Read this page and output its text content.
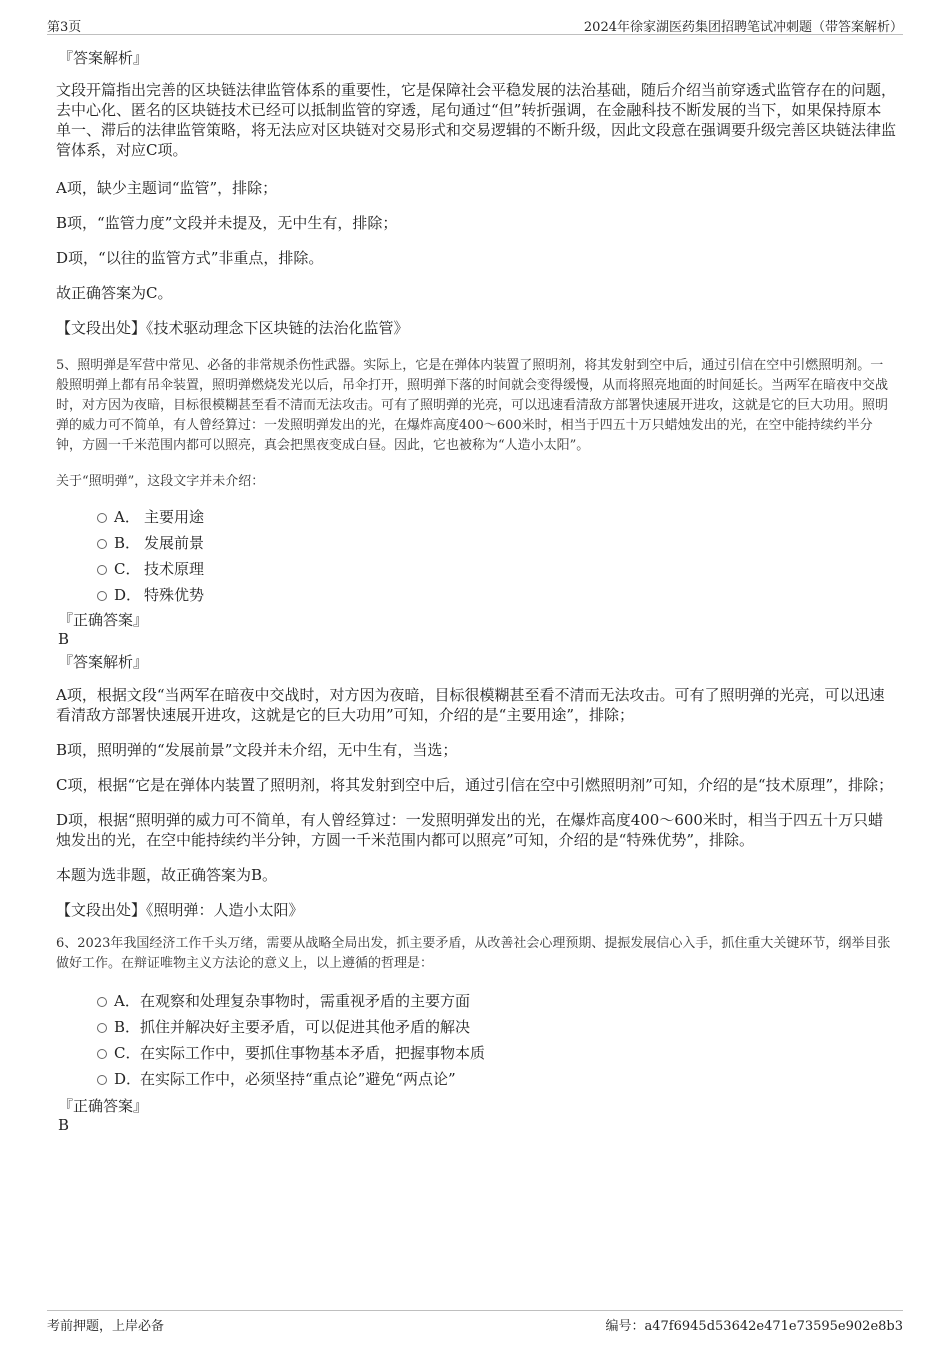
第3页	2024年徐家湖医药集团招聘笔试冲刺题（带答案解析）
『答案解析』

文段开篇指出完善的区块链法律监管体系的重要性，它是保障社会平稳发展的法治基础，随后介绍当前穿透式监管存在的问题，去中心化、匿名的区块链技术已经可以抵制监管的穿透，尾句通过“但”转折强调，在金融科技不断发展的当下，如果保持原本单一、滞后的法律监管策略，将无法应对区块链对交易形式和交易逻辑的不断升级，因此文段意在强调要升级完善区块链法律监管体系，对应C项。

A项，缺少主题词“监管”，排除；

B项，“监管力度”文段并未提及，无中生有，排除；

D项，“以往的监管方式”非重点，排除。

故正确答案为C。

【文段出处】《技术驱动理念下区块链的法治化监管》

5、照明弹是军营中常见、必备的非常规杀伤性武器。实际上，它是在弹体内装置了照明剂，将其发射到空中后，通过引信在空中引燃照明剂。一般照明弹上都有吊伞装置，照明弹燃烧发光以后，吊伞打开，照明弹下落的时间就会变得缓慢，从而将照亮地面的时间延长。当两军在暗夜中交战时，对方因为夜暗，目标很模糊甚至看不清而无法攻击。可有了照明弹的光亮，可以迅速看清敌方部署快速展开进攻，这就是它的巨大功用。照明弹的威力可不简单，有人曾经算过：一发照明弹发出的光，在爆炸高度400～600米时，相当于四五十万只蜡烛发出的光，在空中能持续约半分钟，方圆一千米范围内都可以照亮，真会把黑夜变成白昼。因此，它也被称为“人造小太阳”。

关于“照明弹”，这段文字并未介绍：

A． 主要用途
B． 发展前景
C． 技术原理
D． 特殊优势
『正确答案』
B
『答案解析』

A项，根据文段“当两军在暗夜中交战时，对方因为夜暗，目标很模糊甚至看不清而无法攻击。可有了照明弹的光亮，可以迅速看清敌方部署快速展开进攻，这就是它的巨大功用”可知，介绍的是“主要用途”，排除；

B项，照明弹的“发展前景”文段并未介绍，无中生有，当选；

C项，根据“它是在弹体内装置了照明剂，将其发射到空中后，通过引信在空中引燃照明剂”可知，介绍的是“技术原理”，排除；

D项，根据“照明弹的威力可不简单，有人曾经算过：一发照明弹发出的光，在爆炸高度400～600米时，相当于四五十万只蜡烛发出的光，在空中能持续约半分钟，方圆一千米范围内都可以照亮”可知，介绍的是“特殊优势”，排除。

本题为选非题，故正确答案为B。

【文段出处】《照明弹：人造小太阳》

6、2023年我国经济工作千头万绪，需要从战略全局出发，抓主要矛盾，从改善社会心理预期、提振发展信心入手，抓住重大关键环节，纲举目张做好工作。在辩证唯物主义方法论的意义上，以上遵循的哲理是：

A．在观察和处理复杂事物时，需重视矛盾的主要方面
B．抓住并解决好主要矛盾，可以促进其他矛盾的解决
C．在实际工作中，要抓住事物基本矛盾，把握事物本质
D．在实际工作中，必须坚持“重点论”避免“两点论”
『正确答案』
B
考前押题，上岸必备	编号：a47f6945d53642e471e73595e902e8b3
